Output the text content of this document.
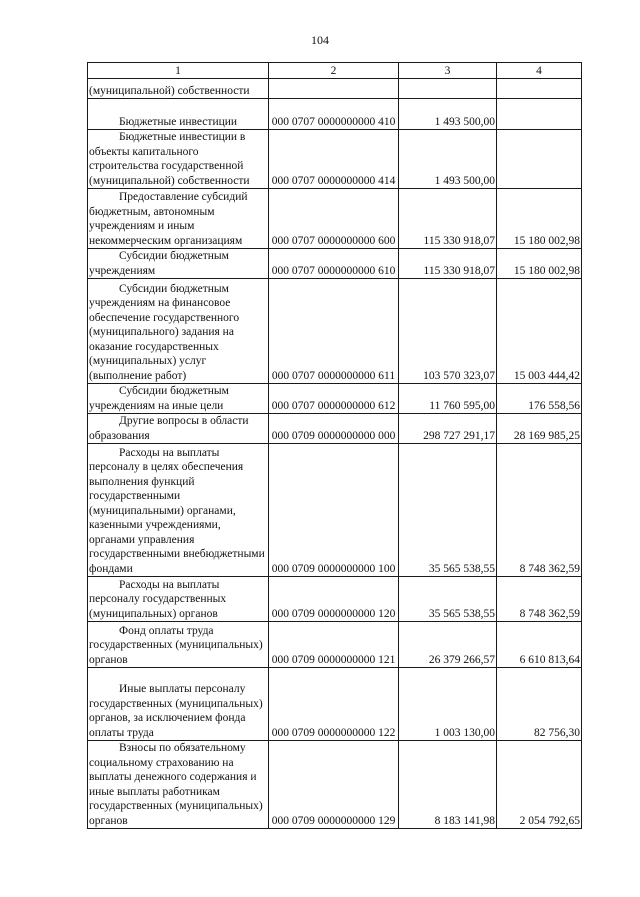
104
1	2	3	4
(муниципальной) собственности			

Бюджетные инвестиции	000 0707 0000000000 410	1 493 500,00	

Бюджетные инвестиции в объекты капитального строительства государственной (муниципальной) собственности	000 0707 0000000000 414	1 493 500,00	

Предоставление субсидий бюджетным, автономным учреждениям и иным некоммерческим организациям	000 0707 0000000000 600	115 330 918,07	15 180 002,98

Субсидии бюджетным учреждениям	000 0707 0000000000 610	115 330 918,07	15 180 002,98

Субсидии бюджетным учреждениям на финансовое обеспечение государственного (муниципального) задания на оказание государственных (муниципальных) услуг (выполнение работ)	000 0707 0000000000 611	103 570 323,07	15 003 444,42

Субсидии бюджетным учреждениям на иные цели	000 0707 0000000000 612	11 760 595,00	176 558,56

Другие вопросы в области образования	000 0709 0000000000 000	298 727 291,17	28 169 985,25

Расходы на выплаты персоналу в целях обеспечения выполнения функций государственными (муниципальными) органами, казенными учреждениями, органами управления государственными внебюджетными фондами	000 0709 0000000000 100	35 565 538,55	8 748 362,59

Расходы на выплаты персоналу государственных (муниципальных) органов	000 0709 0000000000 120	35 565 538,55	8 748 362,59

Фонд оплаты труда государственных (муниципальных) органов	000 0709 0000000000 121	26 379 266,57	6 610 813,64

Иные выплаты персоналу государственных (муниципальных) органов, за исключением фонда оплаты труда	000 0709 0000000000 122	1 003 130,00	82 756,30

Взносы по обязательному социальному страхованию на выплаты денежного содержания и иные выплаты работникам государственных (муниципальных) органов	000 0709 0000000000 129	8 183 141,98	2 054 792,65
